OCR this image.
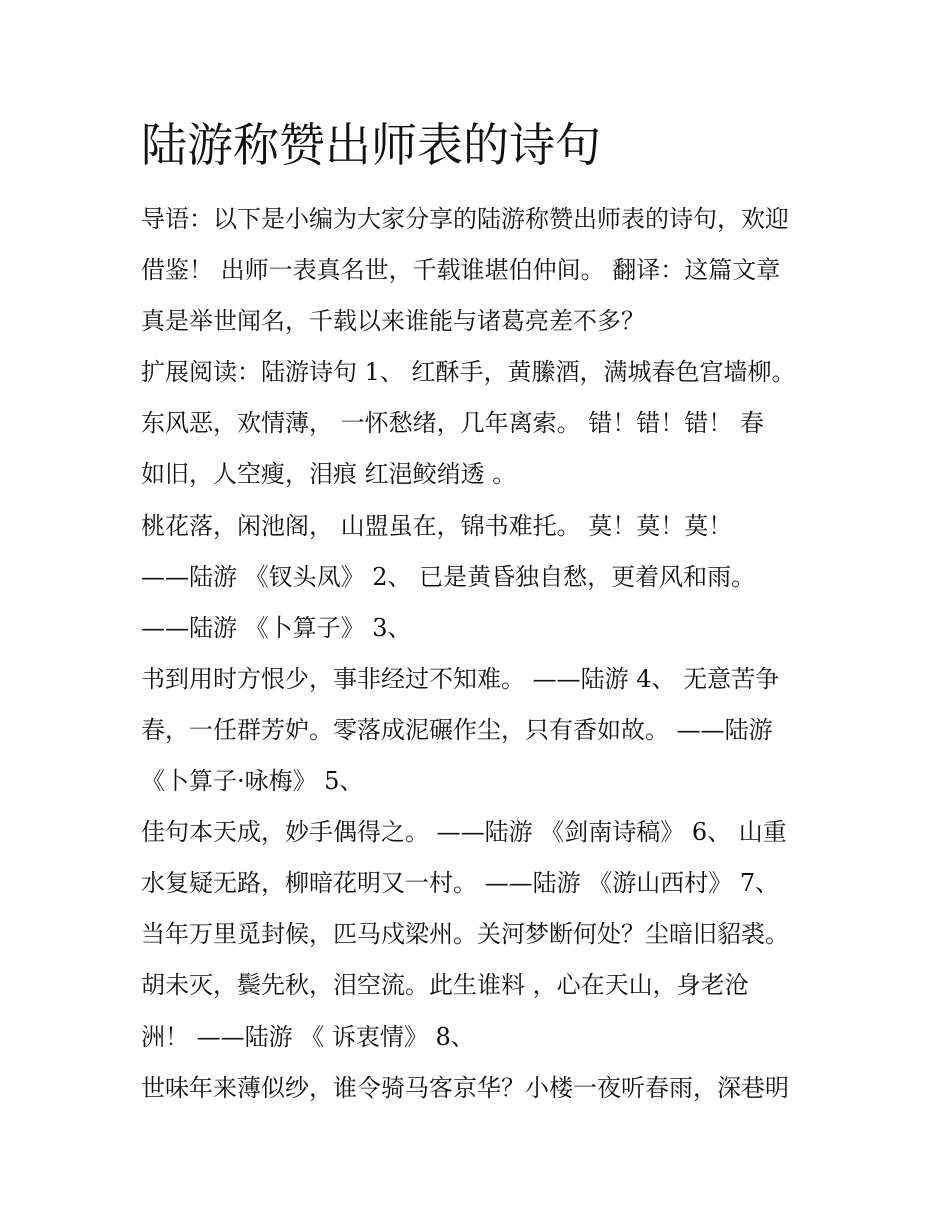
陆游称赞出师表的诗句

导语：以下是小编为大家分享的陆游称赞出师表的诗句，欢迎

借鉴！ 出师一表真名世，千载谁堪伯仲间。 翻译：这篇文章

真是举世闻名，千载以来谁能与诸葛亮差不多？

扩展阅读：陆游诗句 1、 红酥手，黄縢酒，满城春色宫墙柳。

东风恶，欢情薄， 一怀愁绪，几年离索。 错！错！错！ 春

如旧，人空瘦，泪痕 红浥鲛绡透 。

桃花落，闲池阁， 山盟虽在，锦书难托。 莫！莫！莫！

——陆游 《钗头凤》 2、 已是黄昏独自愁，更着风和雨。

——陆游 《卜算子》 3、

书到用时方恨少，事非经过不知难。 ——陆游 4、 无意苦争

春，一任群芳妒。零落成泥碾作尘，只有香如故。 ——陆游

《卜算子·咏梅》 5、

佳句本天成，妙手偶得之。 ——陆游 《剑南诗稿》 6、 山重

水复疑无路，柳暗花明又一村。 ——陆游 《游山西村》 7、

当年万里觅封候，匹马戍梁州。关河梦断何处？尘暗旧貂裘。

胡未灭，鬓先秋，泪空流。此生谁料 ，心在天山，身老沧

洲！ ——陆游 《 诉衷情》 8、

世味年来薄似纱，谁令骑马客京华？小楼一夜听春雨，深巷明
